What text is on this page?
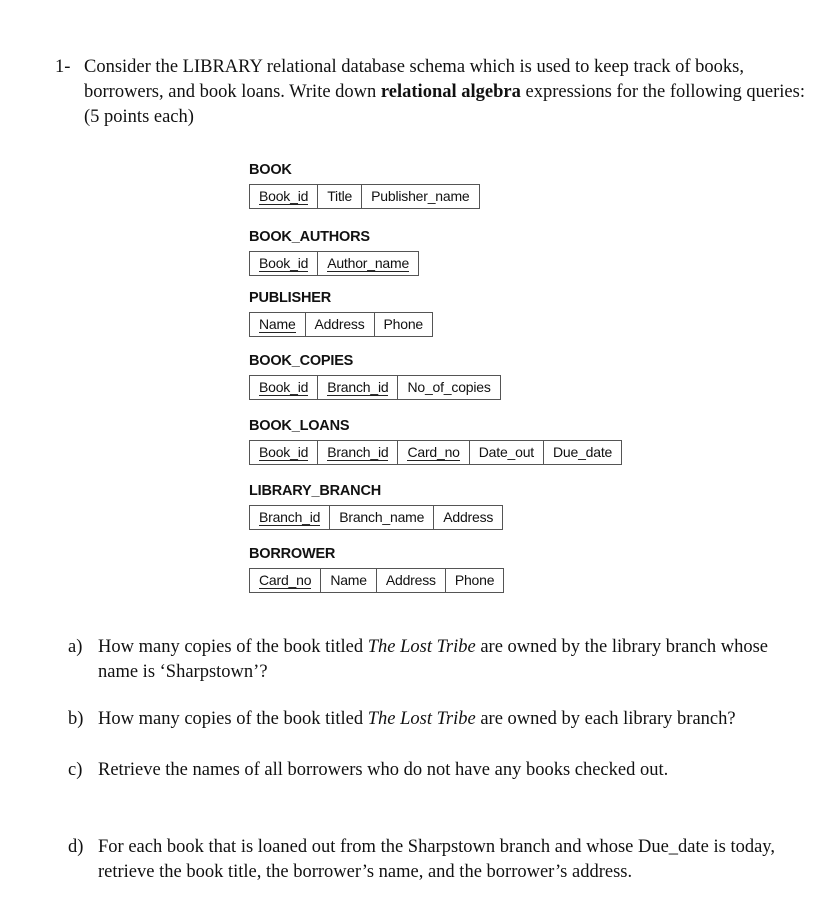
1- Consider the LIBRARY relational database schema which is used to keep track of books, borrowers, and book loans. Write down relational algebra expressions for the following queries: (5 points each)
BOOK
Book_id	Title	Publisher_name
BOOK_AUTHORS
Book_id	Author_name
PUBLISHER
Name	Address	Phone
BOOK_COPIES
Book_id	Branch_id	No_of_copies
BOOK_LOANS
Book_id	Branch_id	Card_no	Date_out	Due_date
LIBRARY_BRANCH
Branch_id	Branch_name	Address
BORROWER
Card_no	Name	Address	Phone
a) How many copies of the book titled The Lost Tribe are owned by the library branch whose name is ‘Sharpstown’?
b) How many copies of the book titled The Lost Tribe are owned by each library branch?
c) Retrieve the names of all borrowers who do not have any books checked out.
d) For each book that is loaned out from the Sharpstown branch and whose Due_date is today, retrieve the book title, the borrower’s name, and the borrower’s address.
